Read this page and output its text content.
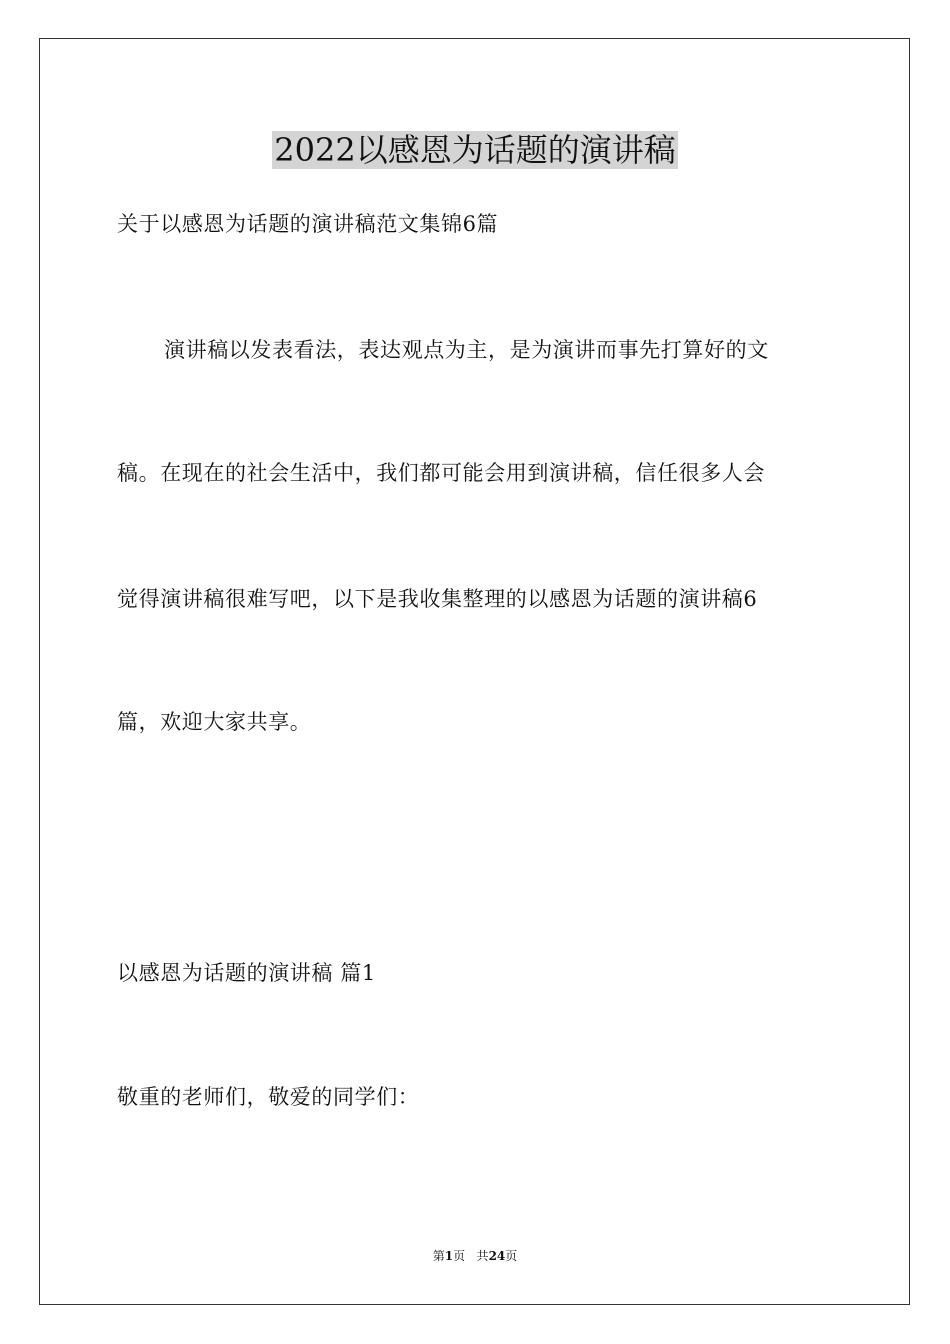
2022以感恩为话题的演讲稿
关于以感恩为话题的演讲稿范文集锦6篇
演讲稿以发表看法，表达观点为主，是为演讲而事先打算好的文
稿。在现在的社会生活中，我们都可能会用到演讲稿，信任很多人会
觉得演讲稿很难写吧，以下是我收集整理的以感恩为话题的演讲稿6
篇，欢迎大家共享。
以感恩为话题的演讲稿 篇1
敬重的老师们，敬爱的同学们：
第1页 共24页
